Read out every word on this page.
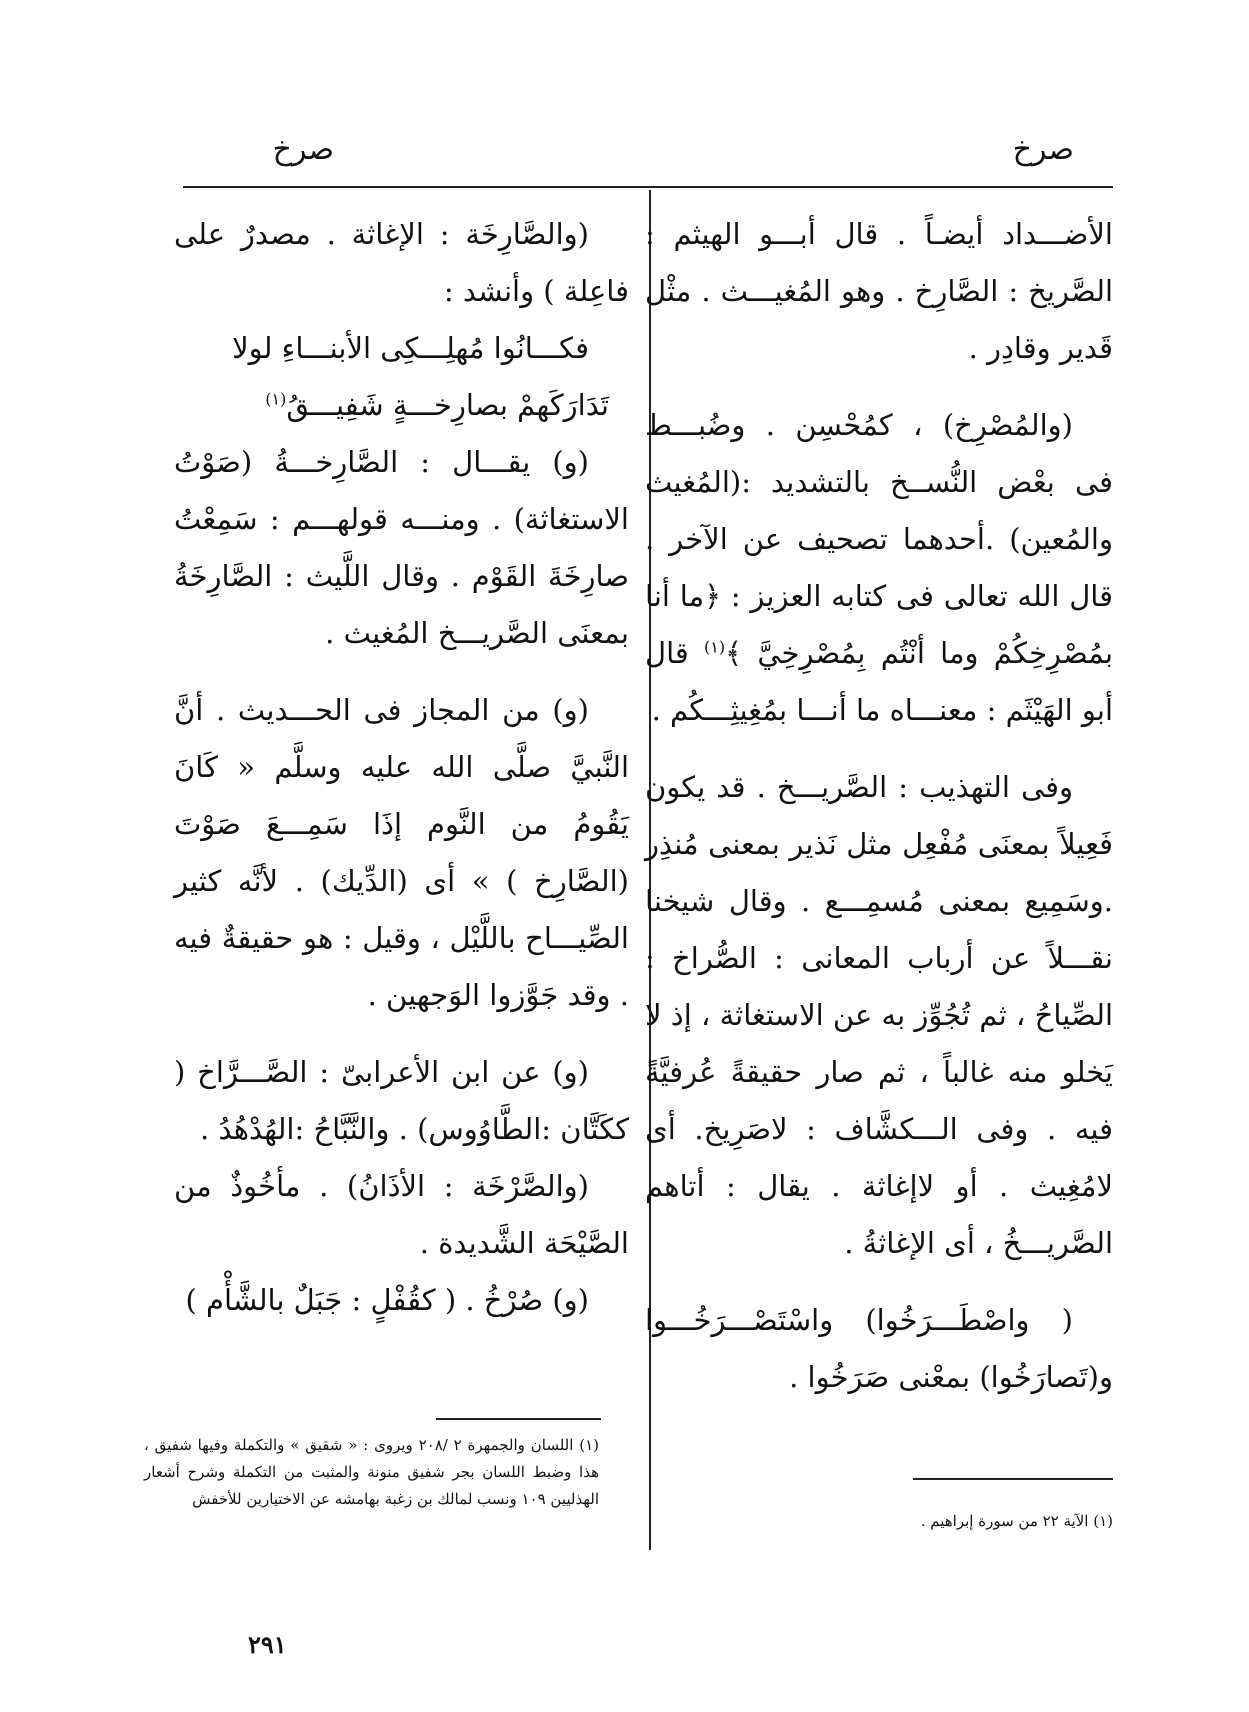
صرخ
صرخ

الأضـــداد أيضـاً . قال أبـــو الهيثم : الصَّريخ : الصَّارِخ . وهو المُغيـــث . مثْل قَدير وقادِر .

(والمُصْرِخ) ، كمُحْسِن . وضُبـــط فى بعْض النُّســخ بالتشديد :(المُغيث والمُعين) .أحدهما تصحيف عن الآخر . قال الله تعالى فى كتابه العزيز : ﴿ما أنا بمُصْرِخِكُمْ وما أنْتُم بِمُصْرِخِيَّ ﴾$^{(١)}$ قال أبو الهَيْثَم : معنـــاه ما أنـــا بمُغِيثِـــكُم .

وفى التهذيب : الصَّريـــخ . قد يكون فَعِيلاً بمعنَى مُفْعِل مثل نَذير بمعنى مُنذِر .وسَمِيع بمعنى مُسمِـــع . وقال شيخنا نقـــلاً عن أرباب المعانى : الصُّراخ : الصِّياحُ ، ثم تُجُوِّز به عن الاستغاثة ، إذ لا يَخلو منه غالباً ، ثم صار حقيقةً عُرفيَّةً فيه . وفى الـــكشَّاف : لاصَرِيخ. أى لامُغِيث . أو لاإغاثة . يقال : أتاهم الصَّريـــخُ ، أى الإغاثةُ .

( واصْطَـــرَخُوا) واسْتَصْـــرَخُـــوا و(تَصارَخُوا) بمعْنى صَرَخُوا .

(والصَّارِخَة : الإغاثة . مصدرٌ على فاعِلة ) وأنشد :

فكـــانُوا مُهلِـــكِى الأبنـــاءِ لولا

تَدَارَكَهمْ بصارِخـــةٍ شَفِيـــقُ$^{(١)}$

(و) يقـــال : الصَّارِخـــةُ (صَوْتُ الاستغاثة) . ومنـــه قولهـــم : سَمِعْتُ صارِخَةَ القَوْم . وقال اللَّيث : الصَّارِخَةُ بمعنَى الصَّريـــخ المُغيث .

(و) من المجاز فى الحـــديث . أنَّ النَّبيَّ صلَّى الله عليه وسلَّم « كَانَ يَقُومُ من النَّوم إذَا سَمِـــعَ صَوْتَ (الصَّارِخ ) » أى (الدِّيك) . لأنَّه كثير الصِّيـــاح باللَّيْل ، وقيل : هو حقيقةٌ فيه . وقد جَوَّزوا الوَجهين .

(و) عن ابن الأعرابىّ : الصَّـــرَّاخ ( ككَتَّان :الطَّاوُوس) . والنَّبَّاحُ :الهُدْهُدُ .

(والصَّرْخَة : الأذَانُ) . مأخُوذٌ من الصَّيْحَة الشَّديدة .

(و) صُرْخُ . ( كقُفْلٍ : جَبَلٌ بالشَّأْم )

(١) الآية ٢٢ من سورة إبراهيم .
(١) اللسان والجمهرة ٢ /٢٠٨ ويروى : « شقيق » والتكملة وفيها شفيق ، هذا وضبط اللسان بجر شفيق منونة والمثبت من التكملة وشرح أشعار الهذليين ١٠٩ ونسب لمالك بن زغبة بهامشه عن الاختيارين للأخفش
٢٩١
